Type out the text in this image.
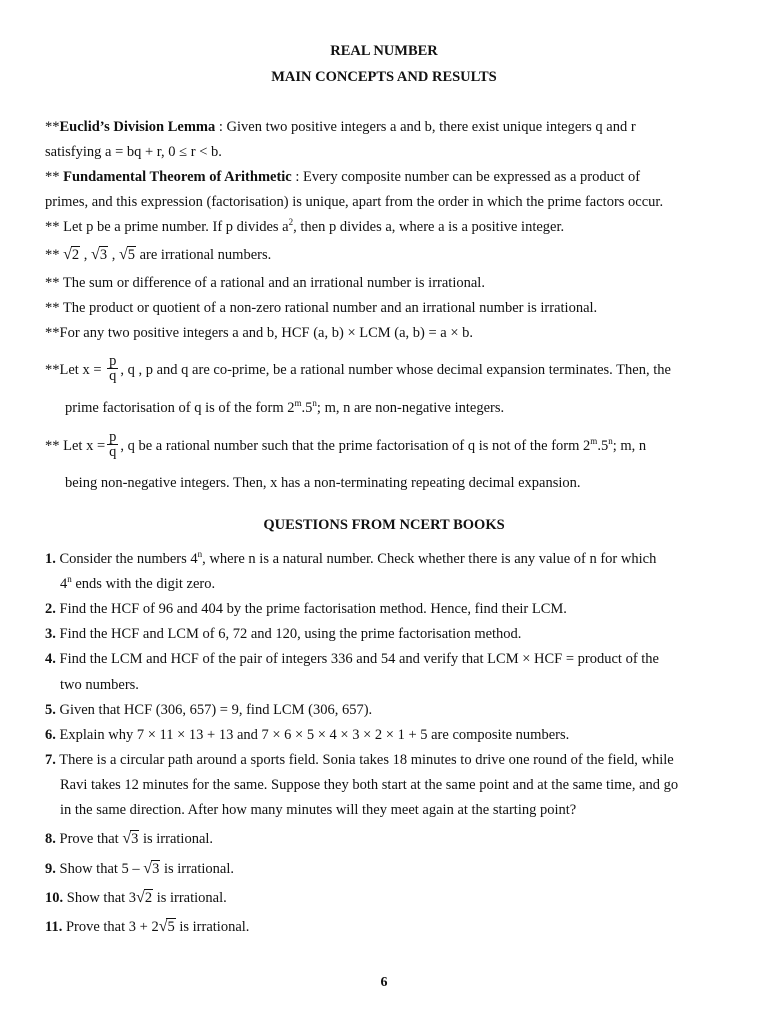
REAL NUMBER
MAIN CONCEPTS AND RESULTS
**Euclid’s Division Lemma : Given two positive integers a and b, there exist unique integers q and r
satisfying a = bq + r, 0 ≤ r < b.
** Fundamental Theorem of Arithmetic : Every composite number can be expressed as a product of
primes, and this expression (factorisation) is unique, apart from the order in which the prime factors occur.
** Let p be a prime number. If p divides $a^2$, then p divides a, where a is a positive integer.
** √2 , √3 , √5 are irrational numbers.
** The sum or difference of a rational and an irrational number is irrational.
** The product or quotient of a non-zero rational number and an irrational number is irrational.
**For any two positive integers a and b, HCF (a, b) × LCM (a, b) = a × b.
**Let $x = \frac{p}{q}$ , q , p and q are co-prime, be a rational number whose decimal expansion terminates. Then, the
prime factorisation of q is of the form 2$^m$.5$^n$; m, n are non-negative integers.
** Let $x = \frac{p}{q}$ , q be a rational number such that the prime factorisation of q is not of the form 2$^m$.5$^n$; m, n
being non-negative integers. Then, x has a non-terminating repeating decimal expansion.
QUESTIONS FROM NCERT BOOKS
1. Consider the numbers 4$^n$, where n is a natural number. Check whether there is any value of n for which
4$^n$ ends with the digit zero.
2. Find the HCF of 96 and 404 by the prime factorisation method. Hence, find their LCM.
3. Find the HCF and LCM of 6, 72 and 120, using the prime factorisation method.
4. Find the LCM and HCF of the pair of integers 336 and 54 and verify that LCM × HCF = product of the
two numbers.
5. Given that HCF (306, 657) = 9, find LCM (306, 657).
6. Explain why 7 × 11 × 13 + 13 and 7 × 6 × 5 × 4 × 3 × 2 × 1 + 5 are composite numbers.
7. There is a circular path around a sports field. Sonia takes 18 minutes to drive one round of the field, while
Ravi takes 12 minutes for the same. Suppose they both start at the same point and at the same time, and go
in the same direction. After how many minutes will they meet again at the starting point?
8. Prove that √3 is irrational.
9. Show that 5 – √3 is irrational.
10. Show that 3√2 is irrational.
11. Prove that 3 + 2√5 is irrational.
6
